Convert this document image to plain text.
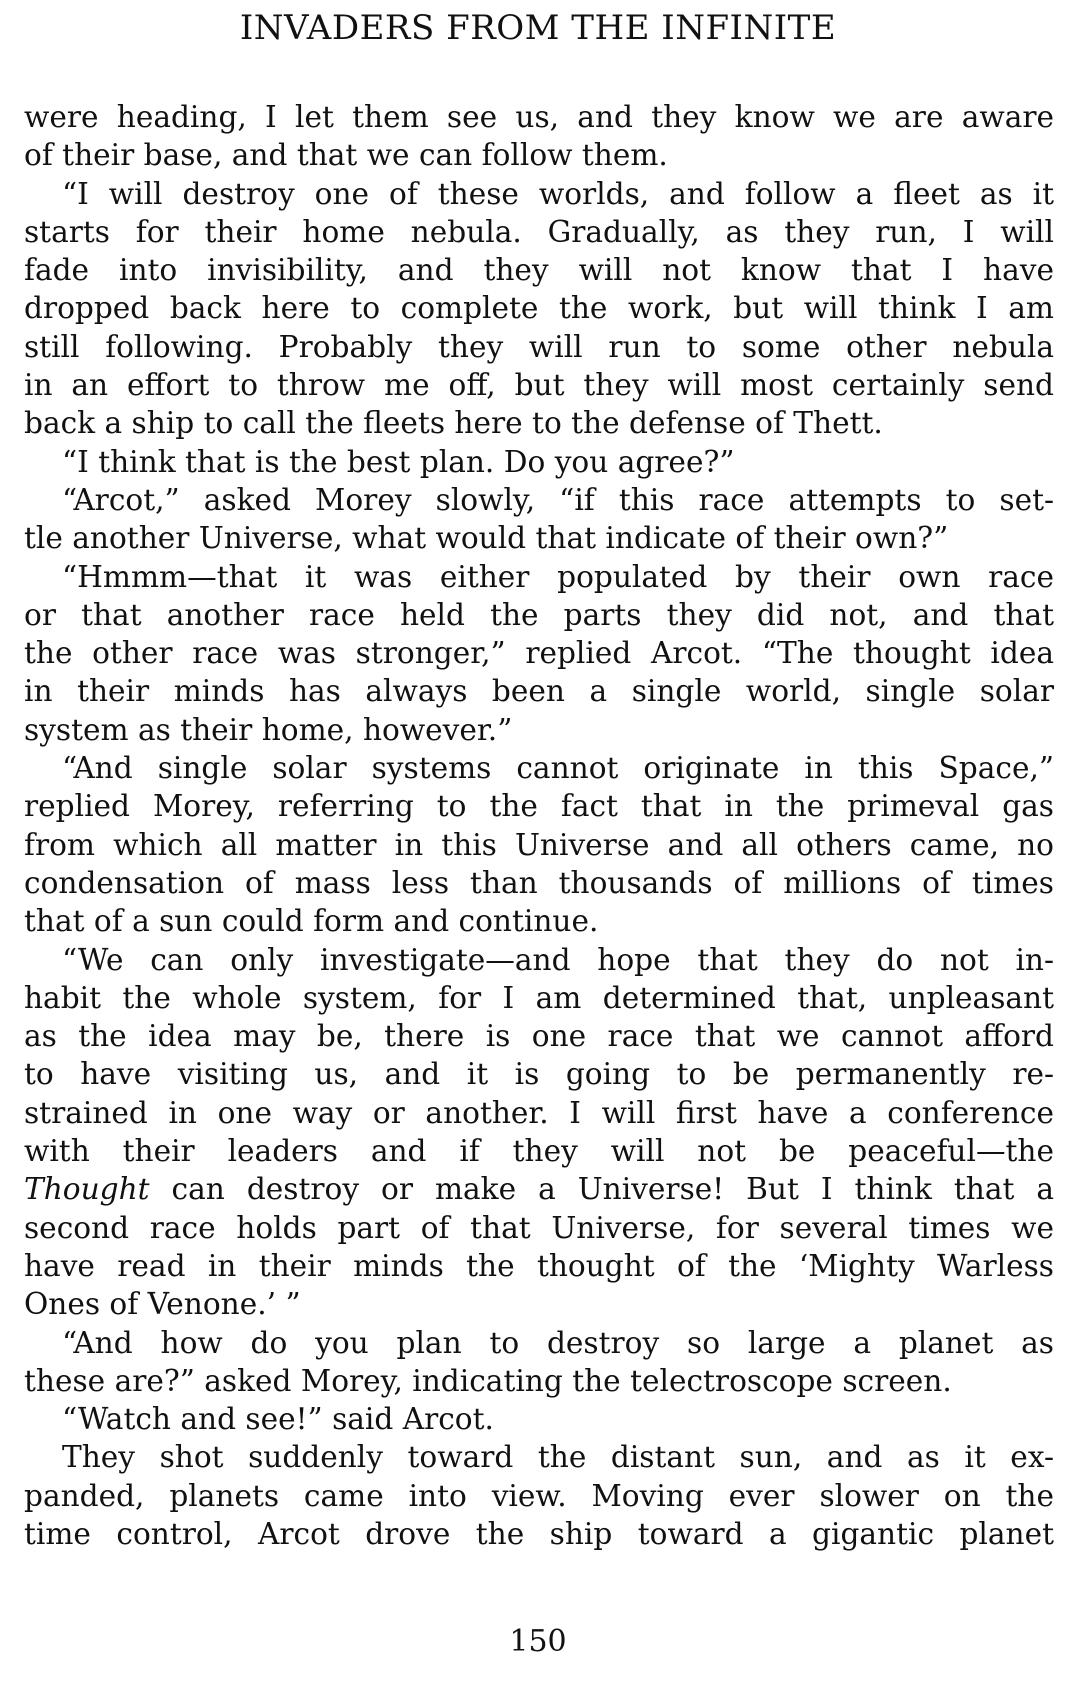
INVADERS FROM THE INFINITE
were heading, I let them see us, and they know we are aware
of their base, and that we can follow them.
“I will destroy one of these worlds, and follow a fleet as it
starts for their home nebula. Gradually, as they run, I will
fade into invisibility, and they will not know that I have
dropped back here to complete the work, but will think I am
still following. Probably they will run to some other nebula
in an effort to throw me off, but they will most certainly send
back a ship to call the fleets here to the defense of Thett.
“I think that is the best plan. Do you agree?”
“Arcot,” asked Morey slowly, “if this race attempts to set-
tle another Universe, what would that indicate of their own?”
“Hmmm—that it was either populated by their own race
or that another race held the parts they did not, and that
the other race was stronger,” replied Arcot. “The thought idea
in their minds has always been a single world, single solar
system as their home, however.”
“And single solar systems cannot originate in this Space,”
replied Morey, referring to the fact that in the primeval gas
from which all matter in this Universe and all others came, no
condensation of mass less than thousands of millions of times
that of a sun could form and continue.
“We can only investigate—and hope that they do not in-
habit the whole system, for I am determined that, unpleasant
as the idea may be, there is one race that we cannot afford
to have visiting us, and it is going to be permanently re-
strained in one way or another. I will first have a conference
with their leaders and if they will not be peaceful—the
Thought can destroy or make a Universe! But I think that a
second race holds part of that Universe, for several times we
have read in their minds the thought of the ‘Mighty Warless
Ones of Venone.’ ”
“And how do you plan to destroy so large a planet as
these are?” asked Morey, indicating the telectroscope screen.
“Watch and see!” said Arcot.
They shot suddenly toward the distant sun, and as it ex-
panded, planets came into view. Moving ever slower on the
time control, Arcot drove the ship toward a gigantic planet
150
